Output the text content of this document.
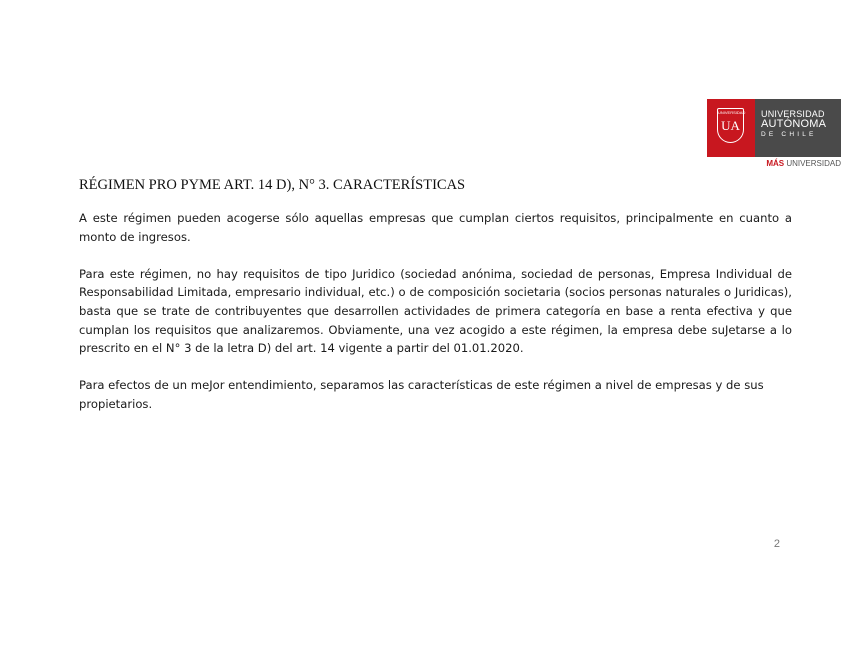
UNIVERSIDAD
UA
UNIVERSIDAD
AUTÓNOMA
DE CHILE
MÁS UNIVERSIDAD
RÉGIMEN PRO PYME ART. 14 D), N° 3. CARACTERÍSTICAS

A este régimen pueden acogerse sólo aquellas empresas que cumplan ciertos requisitos, principalmente en cuanto a monto de ingresos.

Para este régimen, no hay requisitos de tipo Juridico (sociedad anónima, sociedad de personas, Empresa Individual de Responsabilidad Limitada, empresario individual, etc.) o de composición societaria (socios personas naturales o Juridicas), basta que se trate de contribuyentes que desarrollen actividades de primera categoría en base a renta efectiva y que cumplan los requisitos que analizaremos. Obviamente, una vez acogido a este régimen, la empresa debe suJetarse a lo prescrito en el N° 3 de la letra D) del art. 14 vigente a partir del 01.01.2020.

Para efectos de un meJor entendimiento, separamos las características de este régimen a nivel de empresas y de sus propietarios.

2
